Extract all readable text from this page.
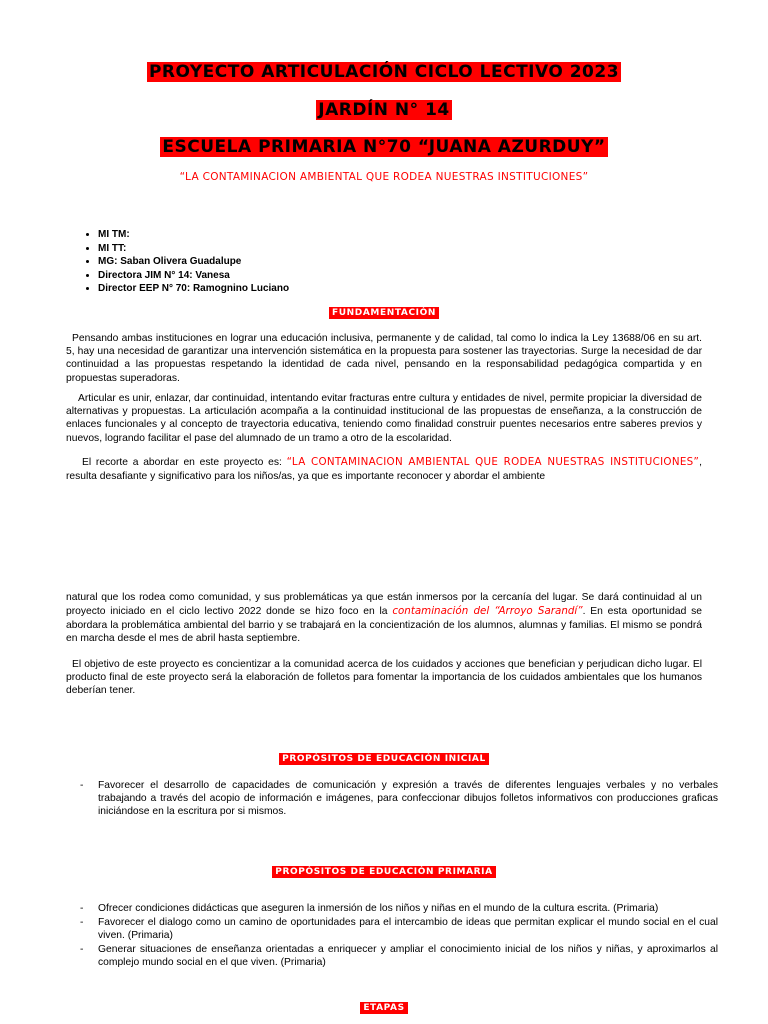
PROYECTO ARTICULACIÓN CICLO LECTIVO 2023
JARDÍN N° 14
ESCUELA PRIMARIA N°70 “JUANA AZURDUY”
“LA CONTAMINACION AMBIENTAL QUE RODEA NUESTRAS INSTITUCIONES”
• MI TM:
• MI TT:
• MG: Saban Olivera Guadalupe
• Directora JIM N° 14: Vanesa
• Director EEP N° 70: Ramognino Luciano
FUNDAMENTACIÓN

Pensando ambas instituciones en lograr una educación inclusiva, permanente y de calidad, tal como lo indica la Ley 13688/06 en su art. 5, hay una necesidad de garantizar una intervención sistemática en la propuesta para sostener las trayectorias. Surge la necesidad de dar continuidad a las propuestas respetando la identidad de cada nivel, pensando en la responsabilidad pedagógica compartida y en propuestas superadoras.

Articular es unir, enlazar, dar continuidad, intentando evitar fracturas entre cultura y entidades de nivel, permite propiciar la diversidad de alternativas y propuestas. La articulación acompaña a la continuidad institucional de las propuestas de enseñanza, a la construcción de enlaces funcionales y al concepto de trayectoria educativa, teniendo como finalidad construir puentes necesarios entre saberes previos y nuevos, logrando facilitar el pase del alumnado de un tramo a otro de la escolaridad.

El recorte a abordar en este proyecto es: “LA CONTAMINACION AMBIENTAL QUE RODEA NUESTRAS INSTITUCIONES”, resulta desafiante y significativo para los niños/as, ya que es importante reconocer y abordar el ambiente

natural que los rodea como comunidad, y sus problemáticas ya que están inmersos por la cercanía del lugar. Se dará continuidad al un proyecto iniciado en el ciclo lectivo 2022 donde se hizo foco en la contaminación del “Arroyo Sarandí”. En esta oportunidad se abordara la problemática ambiental del barrio y se trabajará en la concientización de los alumnos, alumnas y familias. El mismo se pondrá en marcha desde el mes de abril hasta septiembre.

El objetivo de este proyecto es concientizar a la comunidad acerca de los cuidados y acciones que benefician y perjudican dicho lugar. El producto final de este proyecto será la elaboración de folletos para fomentar la importancia de los cuidados ambientales que los humanos deberían tener.

PROPÓSITOS DE EDUCACIÓN INICIAL
- Favorecer el desarrollo de capacidades de comunicación y expresión a través de diferentes lenguajes verbales y no verbales trabajando a través del acopio de información e imágenes, para confeccionar dibujos folletos informativos con producciones graficas iniciándose en la escritura por si mismos.
PROPÓSITOS DE EDUCACIÓN PRIMARIA
- Ofrecer condiciones didácticas que aseguren la inmersión de los niños y niñas en el mundo de la cultura escrita. (Primaria)
- Favorecer el dialogo como un camino de oportunidades para el intercambio de ideas que permitan explicar el mundo social en el cual viven. (Primaria)
- Generar situaciones de enseñanza orientadas a enriquecer y ampliar el conocimiento inicial de los niños y niñas, y aproximarlos al complejo mundo social en el que viven. (Primaria)
ETAPAS
